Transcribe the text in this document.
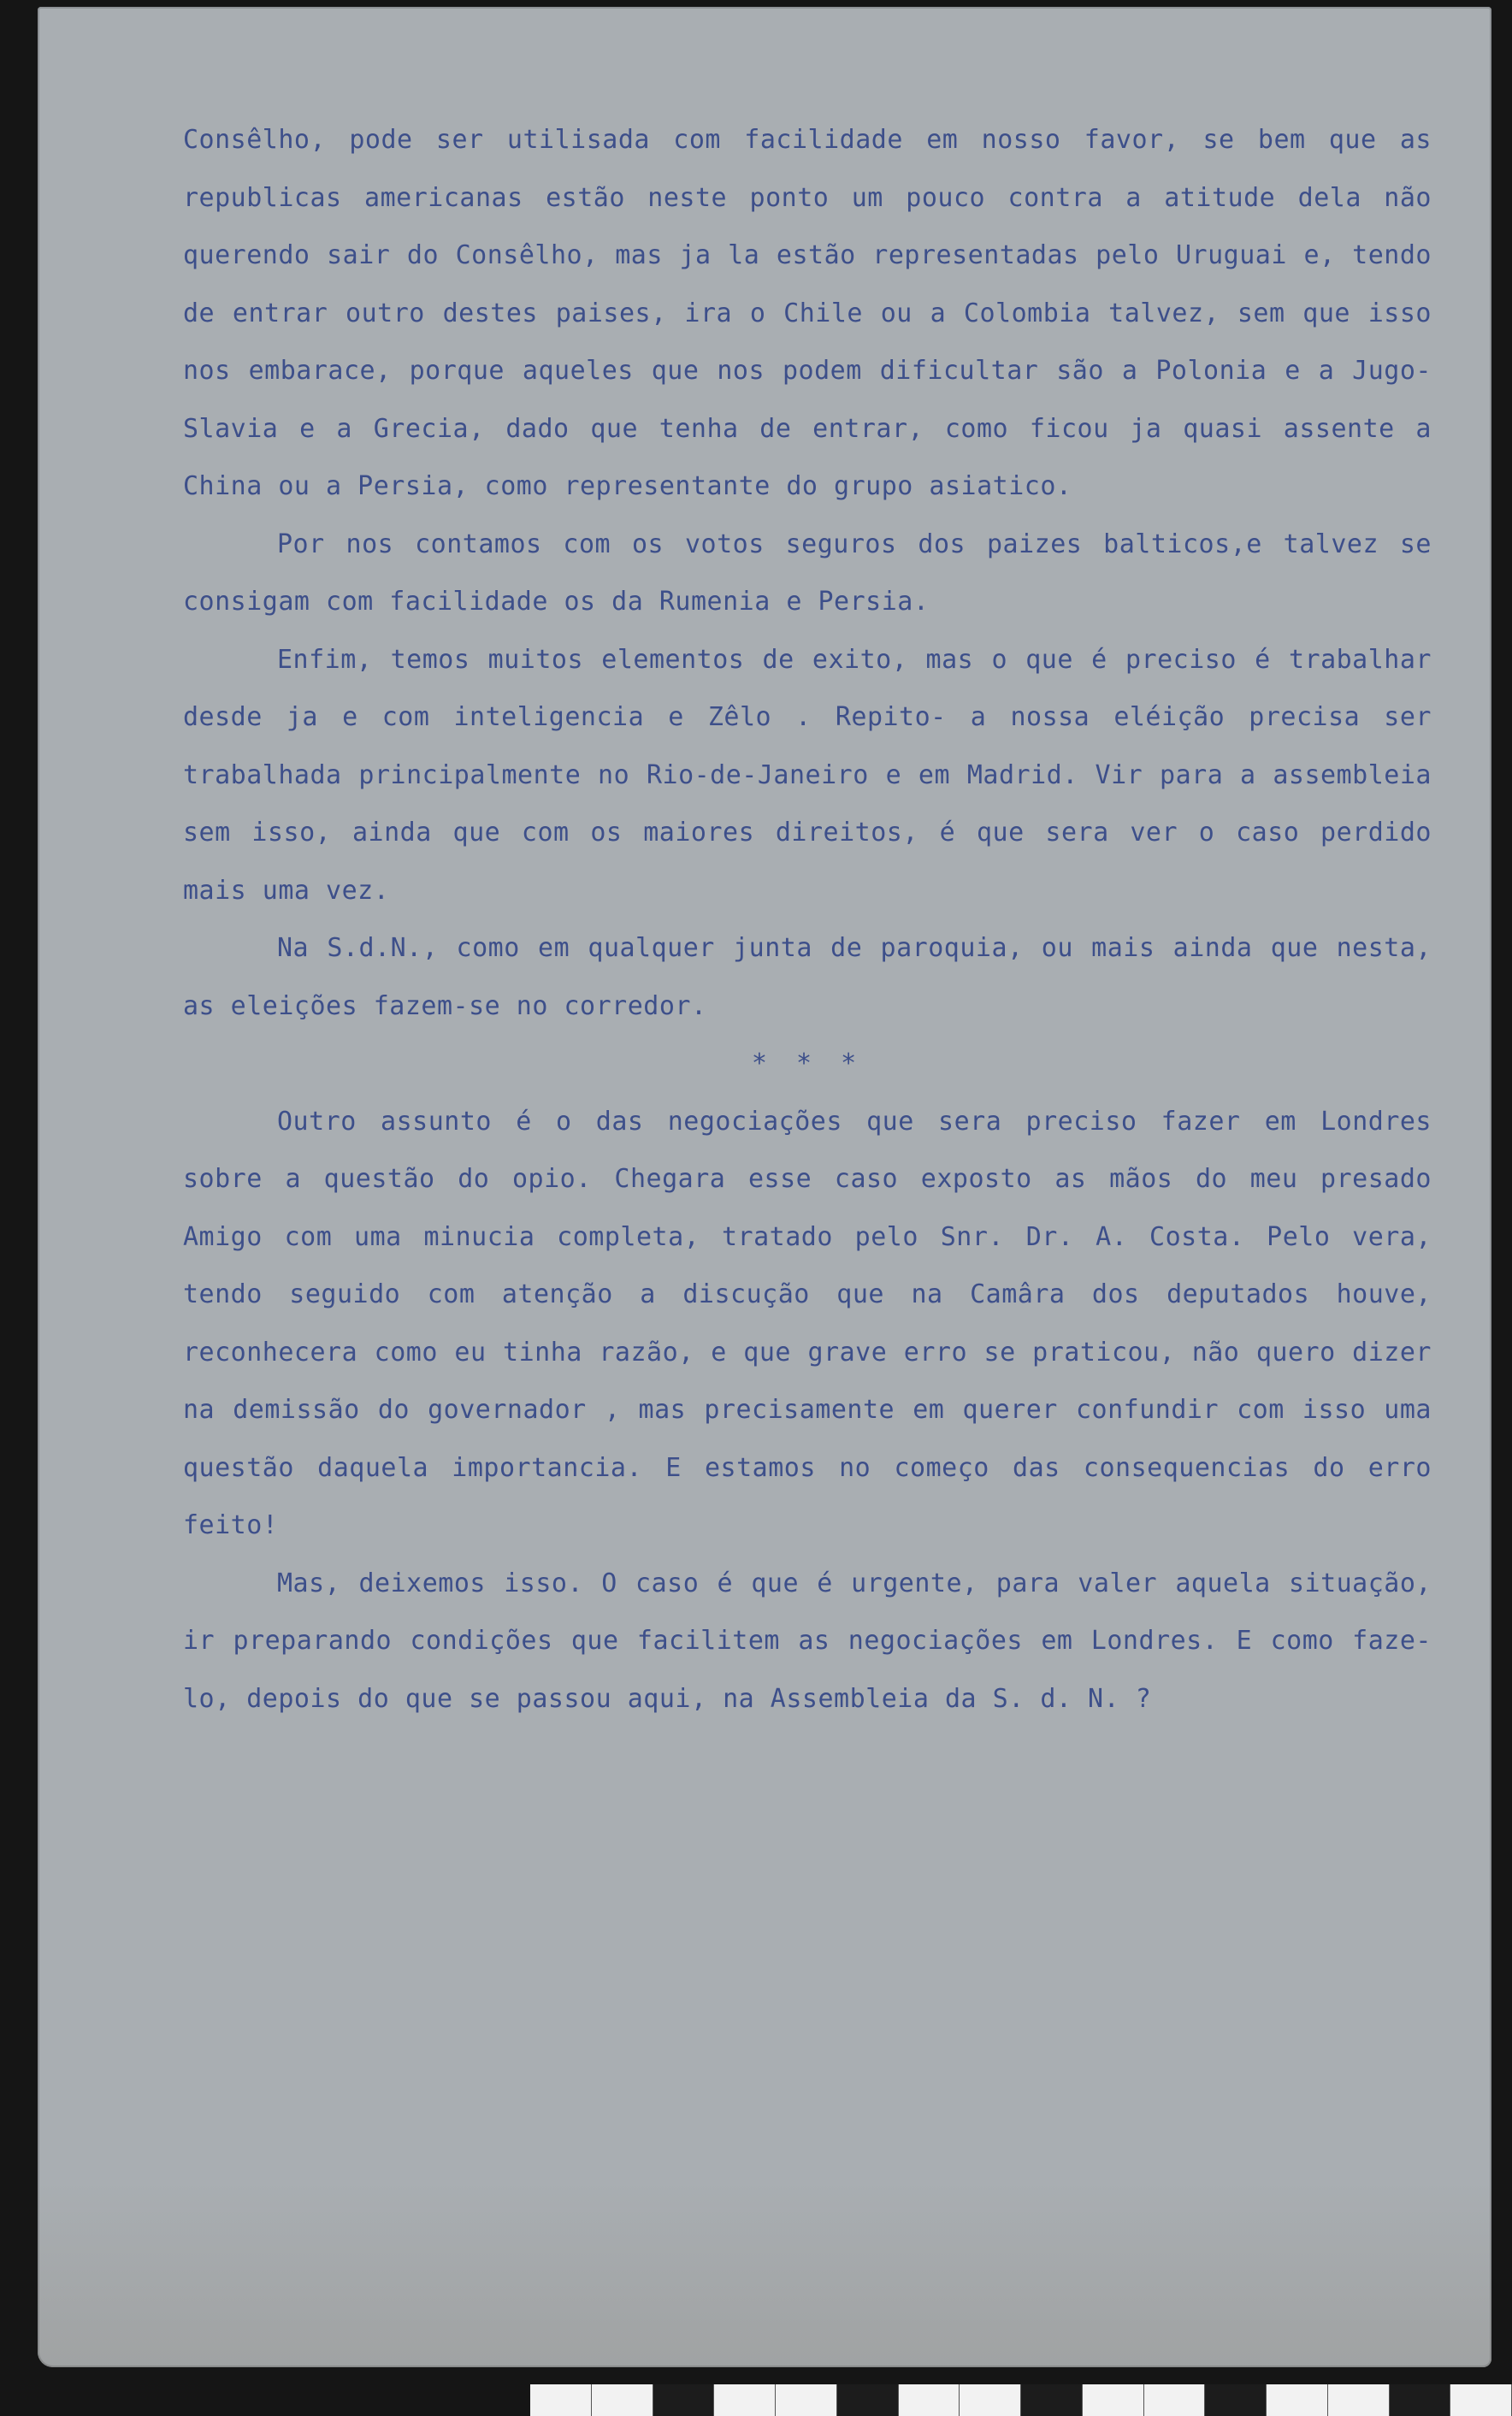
Consêlho, pode ser utilisada com facilidade em nosso favor, se bem que as republicas americanas estão neste ponto um pouco contra a atitude dela não querendo sair do Consêlho, mas ja la estão representadas pelo Uruguai e, tendo de entrar outro destes paises, ira o Chile ou a Colombia talvez, sem que isso nos embarace, porque aqueles que nos podem dificultar são a Polonia e a Jugo-Slavia e a Grecia, dado que tenha de entrar, como ficou ja quasi assente a China ou a Persia, como representante do grupo asiatico.

Por nos contamos com os votos seguros dos paizes balticos,e talvez se consigam com facilidade os da Rumenia e Persia.

Enfim, temos muitos elementos de exito, mas o que é preciso é trabalhar desde ja e com inteligencia e Zêlo . Repito- a nossa eléição precisa ser trabalhada principalmente no Rio-de-Janeiro e em Madrid. Vir para a assembleia sem isso, ainda que com os maiores direitos, é que sera ver o caso perdido mais uma vez.

Na S.d.N., como em qualquer junta de paroquia, ou mais ainda que nesta, as eleições fazem-se no corredor.

* * *

Outro assunto é o das negociações que sera preciso fazer em Londres sobre a questão do opio. Chegara esse caso exposto as mãos do meu presado Amigo com uma minucia completa, tratado pelo Snr. Dr. A. Costa. Pelo vera, tendo seguido com atenção a discução que na Camâra dos deputados houve, reconhecera como eu tinha razão, e que grave erro se praticou, não quero dizer na demissão do governador , mas precisamente em querer confundir com isso uma questão daquela importancia. E estamos no começo das consequencias do erro feito!

Mas, deixemos isso. O caso é que é urgente, para valer aquela situação, ir preparando condições que facilitem as negociações em Londres. E como faze-lo, depois do que se passou aqui, na Assembleia da S. d. N. ?
